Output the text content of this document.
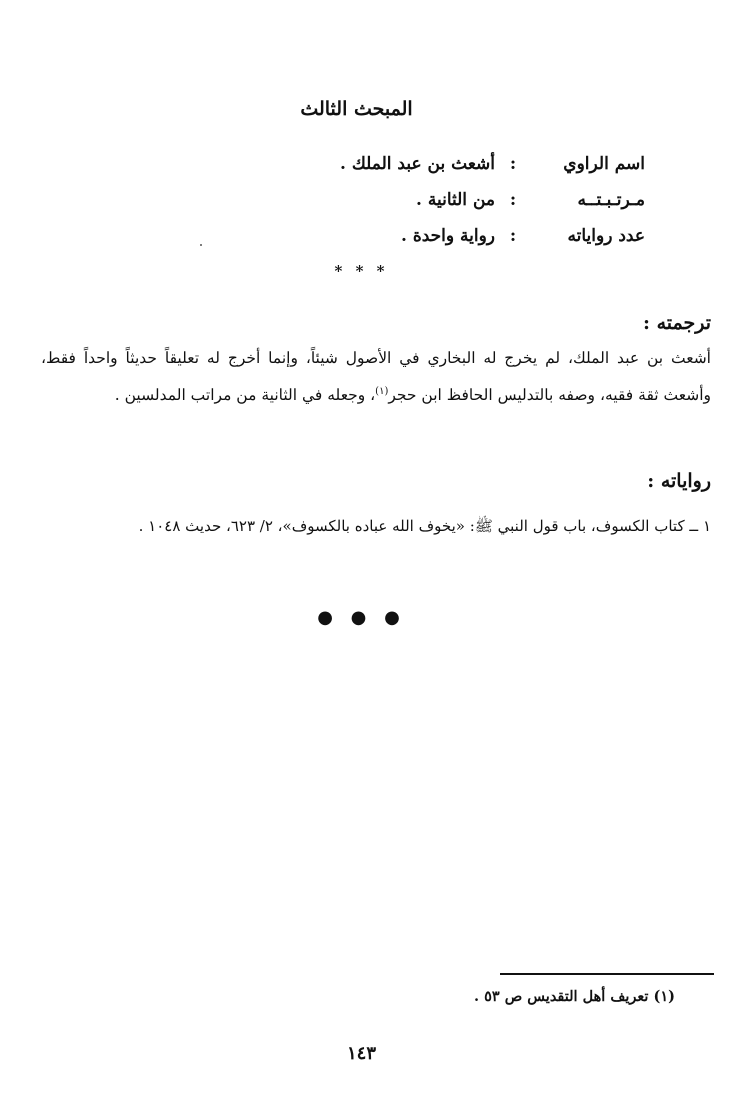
المبحث الثالث
اسم الراوي
:
أشعث بن عبد الملك .
مـرتـبـتــه
:
من الثانية .
عدد رواياته
:
رواية واحدة .
* * *
ترجمته :
أشعث بن عبد الملك، لم يخرج له البخاري في الأصول شيئاً، وإنما أخرج له تعليقاً حديثاً واحداً فقط، وأشعث ثقة فقيه، وصفه بالتدليس الحافظ ابن حجر$^{(١)}$، وجعله في الثانية من مراتب المدلسين .
رواياته :
١ ــ كتاب الكسوف، باب قول النبي ﷺ: «يخوف الله عباده بالكسوف»، ٢/ ٦٢٣، حديث ١٠٤٨ .
● ● ●
(١) تعريف أهل التقديس ص ٥٣ .
١٤٣
